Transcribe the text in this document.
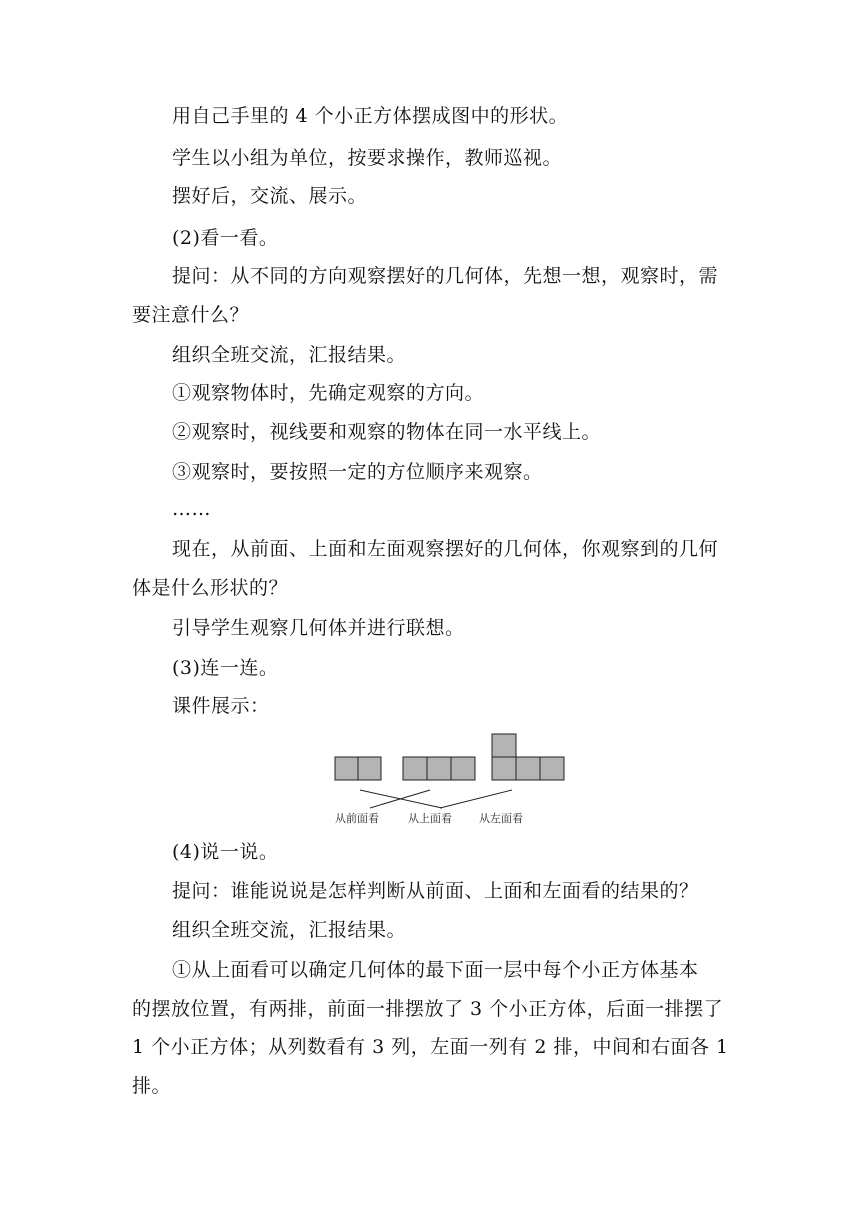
用自己手里的 4 个小正方体摆成图中的形状。
学生以小组为单位，按要求操作，教师巡视。
摆好后，交流、展示。
(2)看一看。
提问：从不同的方向观察摆好的几何体，先想一想，观察时，需
要注意什么？
组织全班交流，汇报结果。
①观察物体时，先确定观察的方向。
②观察时，视线要和观察的物体在同一水平线上。
③观察时，要按照一定的方位顺序来观察。
……
现在，从前面、上面和左面观察摆好的几何体，你观察到的几何
体是什么形状的？
引导学生观察几何体并进行联想。
(3)连一连。
课件展示：
从前面看	从上面看 从左面看
(4)说一说。
提问：谁能说说是怎样判断从前面、上面和左面看的结果的？
组织全班交流，汇报结果。
①从上面看可以确定几何体的最下面一层中每个小正方体基本
的摆放位置，有两排，前面一排摆放了 3 个小正方体，后面一排摆了
1 个小正方体；从列数看有 3 列，左面一列有 2 排，中间和右面各 1
排。
